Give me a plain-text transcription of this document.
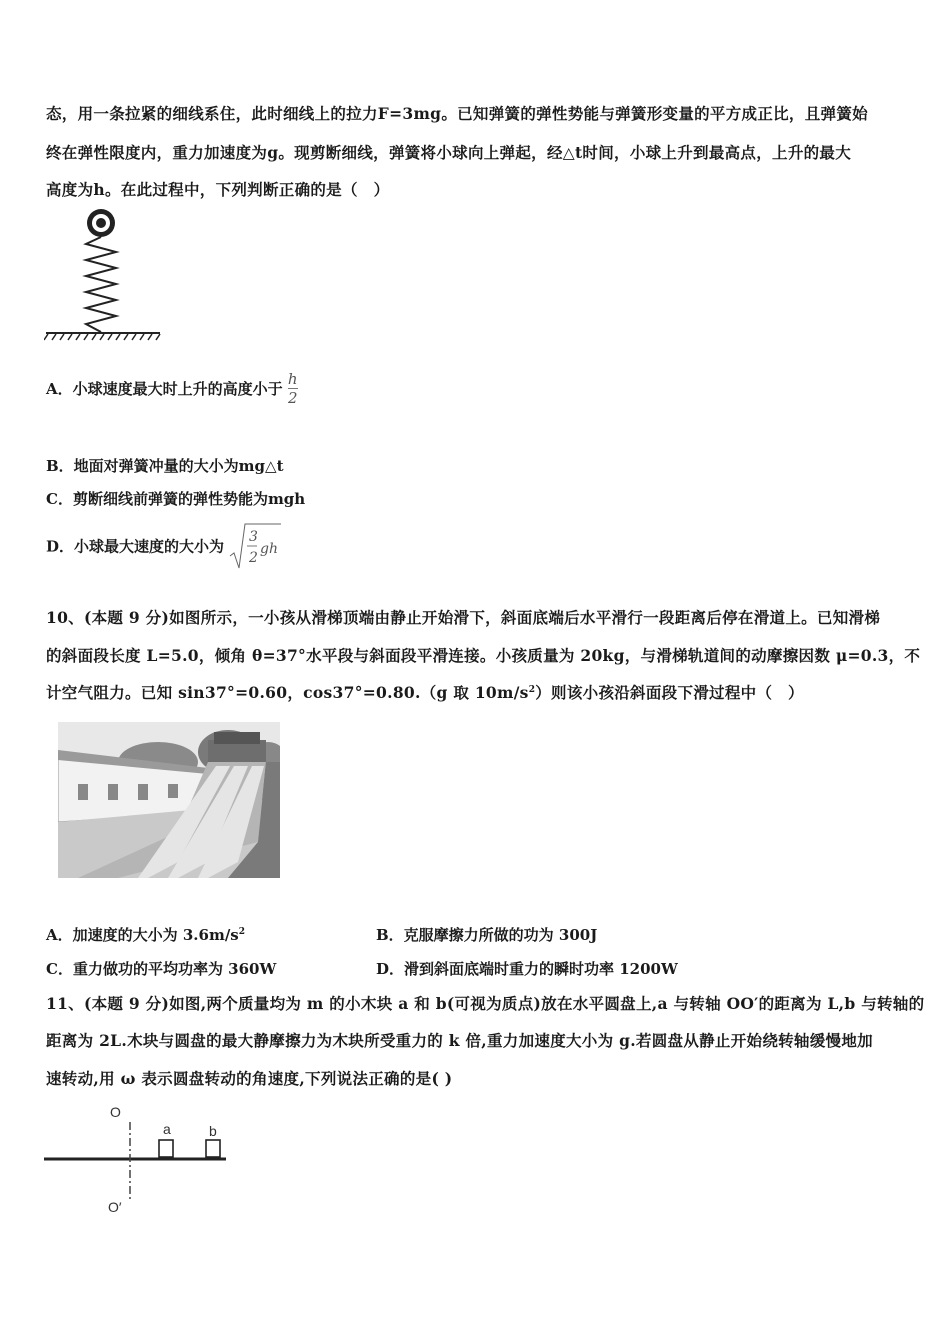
态，用一条拉紧的细线系住，此时细线上的拉力F=3mg。已知弹簧的弹性势能与弹簧形变量的平方成正比，且弹簧始
终在弹性限度内，重力加速度为g。现剪断细线，弹簧将小球向上弹起，经△t时间，小球上升到最高点，上升的最大
高度为h。在此过程中，下列判断正确的是（　）
A．小球速度最大时上升的高度小于 $\frac{h}{2}$
B．地面对弹簧冲量的大小为mg△t
C．剪断细线前弹簧的弹性势能为mgh
D．小球最大速度的大小为
3
2
gh
10、(本题 9 分)如图所示，一小孩从滑梯顶端由静止开始滑下，斜面底端后水平滑行一段距离后停在滑道上。已知滑梯
的斜面段长度 L=5.0，倾角 θ=37°水平段与斜面段平滑连接。小孩质量为 20kg，与滑梯轨道间的动摩擦因数 μ=0.3，不
计空气阻力。已知 sin37°=0.60，cos37°=0.80.（g 取 $10m/s^2$）则该小孩沿斜面段下滑过程中（　）
A．加速度的大小为 $3.6m/s^2$	B．克服摩擦力所做的功为 300J
C．重力做功的平均功率为 360W	D．滑到斜面底端时重力的瞬时功率 1200W
11、(本题 9 分)如图,两个质量均为 m 的小木块 a 和 b(可视为质点)放在水平圆盘上,a 与转轴 OO′的距离为 L,b 与转轴的
距离为 2L.木块与圆盘的最大静摩擦力为木块所受重力的 k 倍,重力加速度大小为 g.若圆盘从静止开始绕转轴缓慢地加
速转动,用 ω 表示圆盘转动的角速度,下列说法正确的是( )
O
O′
a	b
